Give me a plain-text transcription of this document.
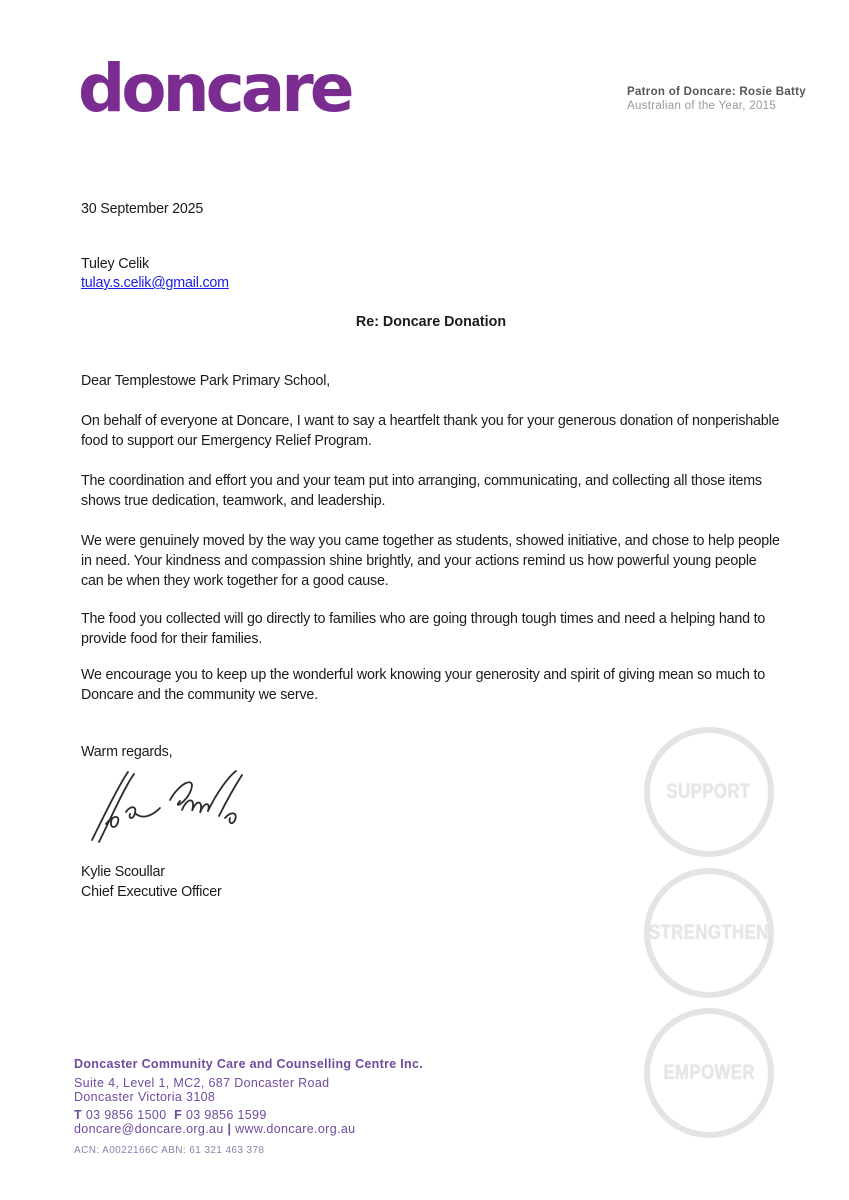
doncare	Patron of Doncare: Rosie Batty
Australian of the Year, 2015
30 September 2025
Tuley Celik
tulay.s.celik@gmail.com
Re: Doncare Donation
Dear Templestowe Park Primary School,
On behalf of everyone at Doncare, I want to say a heartfelt thank you for your generous donation of nonperishable food to support our Emergency Relief Program.
The coordination and effort you and your team put into arranging, communicating, and collecting all those items shows true dedication, teamwork, and leadership.
We were genuinely moved by the way you came together as students, showed initiative, and chose to help people in need. Your kindness and compassion shine brightly, and your actions remind us how powerful young people can be when they work together for a good cause.
The food you collected will go directly to families who are going through tough times and need a helping hand to provide food for their families.
We encourage you to keep up the wonderful work knowing your generosity and spirit of giving mean so much to Doncare and the community we serve.
Warm regards,
Kylie Scoullar
Chief Executive Officer
SUPPORT
STRENGTHEN
EMPOWER
Doncaster Community Care and Counselling Centre Inc.
Suite 4, Level 1, MC2, 687 Doncaster Road
Doncaster Victoria 3108
T 03 9856 1500 F 03 9856 1599
doncare@doncare.org.au | www.doncare.org.au
ACN: A0022166C ABN: 61 321 463 378
